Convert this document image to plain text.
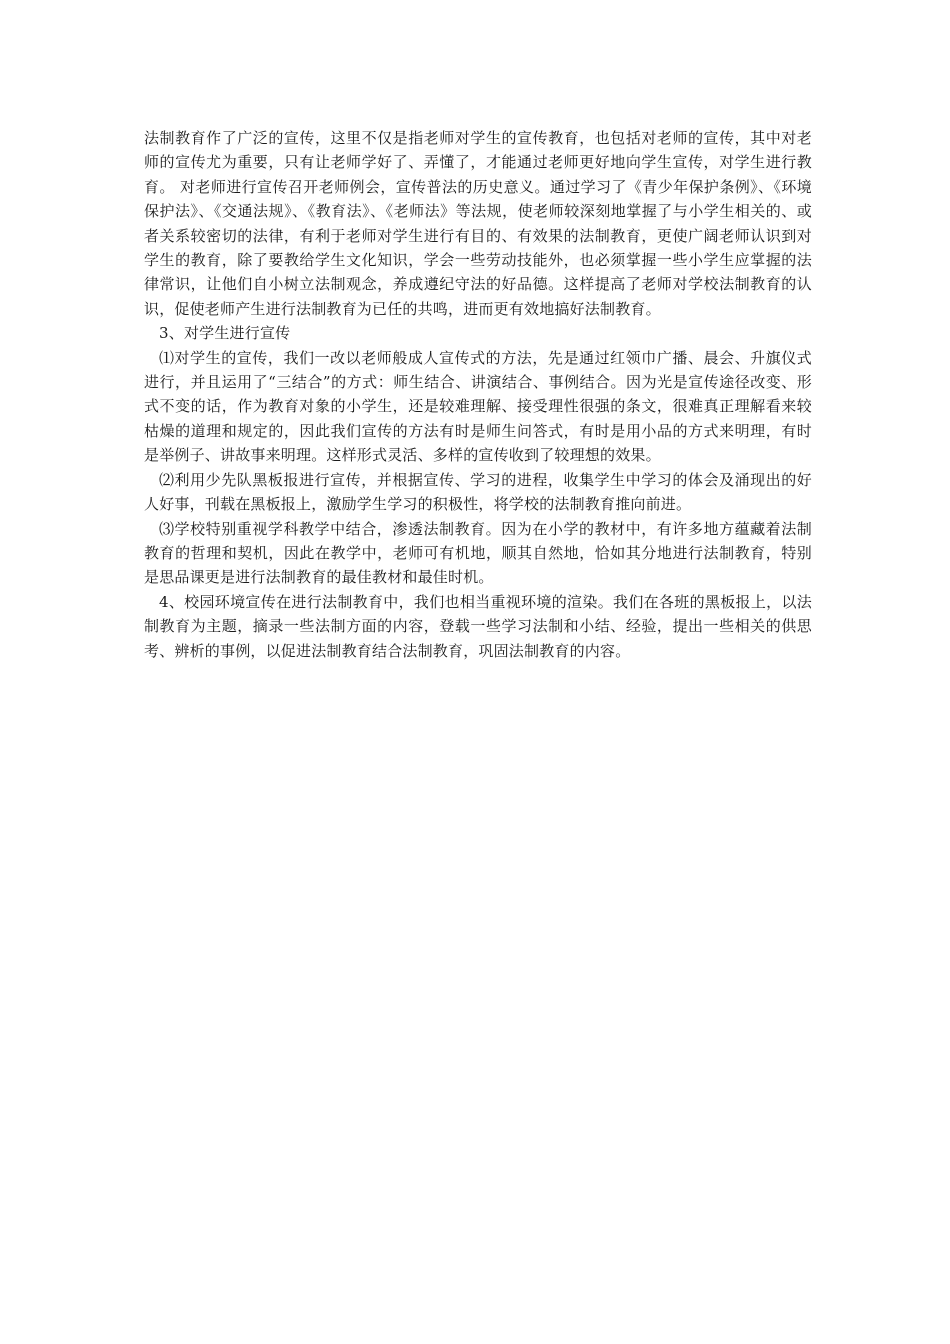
法制教育作了广泛的宣传，这里不仅是指老师对学生的宣传教育，也包括对老师的宣传，其中对老师的宣传尤为重要，只有让老师学好了、弄懂了，才能通过老师更好地向学生宣传，对学生进行教育。 对老师进行宣传召开老师例会，宣传普法的历史意义。通过学习了《青少年保护条例》、《环境保护法》、《交通法规》、《教育法》、《老师法》等法规，使老师较深刻地掌握了与小学生相关的、或者关系较密切的法律，有利于老师对学生进行有目的、有效果的法制教育，更使广阔老师认识到对学生的教育，除了要教给学生文化知识，学会一些劳动技能外，也必须掌握一些小学生应掌握的法律常识，让他们自小树立法制观念，养成遵纪守法的好品德。这样提高了老师对学校法制教育的认识，促使老师产生进行法制教育为已任的共鸣，进而更有效地搞好法制教育。

3、对学生进行宣传

⑴对学生的宣传，我们一改以老师般成人宣传式的方法，先是通过红领巾广播、晨会、升旗仪式进行，并且运用了“三结合”的方式：师生结合、讲演结合、事例结合。因为光是宣传途径改变、形式不变的话，作为教育对象的小学生，还是较难理解、接受理性很强的条文，很难真正理解看来较枯燥的道理和规定的，因此我们宣传的方法有时是师生问答式，有时是用小品的方式来明理，有时是举例子、讲故事来明理。这样形式灵活、多样的宣传收到了较理想的效果。

⑵利用少先队黑板报进行宣传，并根据宣传、学习的进程，收集学生中学习的体会及涌现出的好人好事，刊载在黑板报上，激励学生学习的积极性，将学校的法制教育推向前进。

⑶学校特别重视学科教学中结合，渗透法制教育。因为在小学的教材中，有许多地方蕴藏着法制教育的哲理和契机，因此在教学中，老师可有机地，顺其自然地，恰如其分地进行法制教育，特别是思品课更是进行法制教育的最佳教材和最佳时机。

4、校园环境宣传在进行法制教育中，我们也相当重视环境的渲染。我们在各班的黑板报上，以法制教育为主题，摘录一些法制方面的内容，登载一些学习法制和小结、经验，提出一些相关的供思考、辨析的事例，以促进法制教育结合法制教育，巩固法制教育的内容。
